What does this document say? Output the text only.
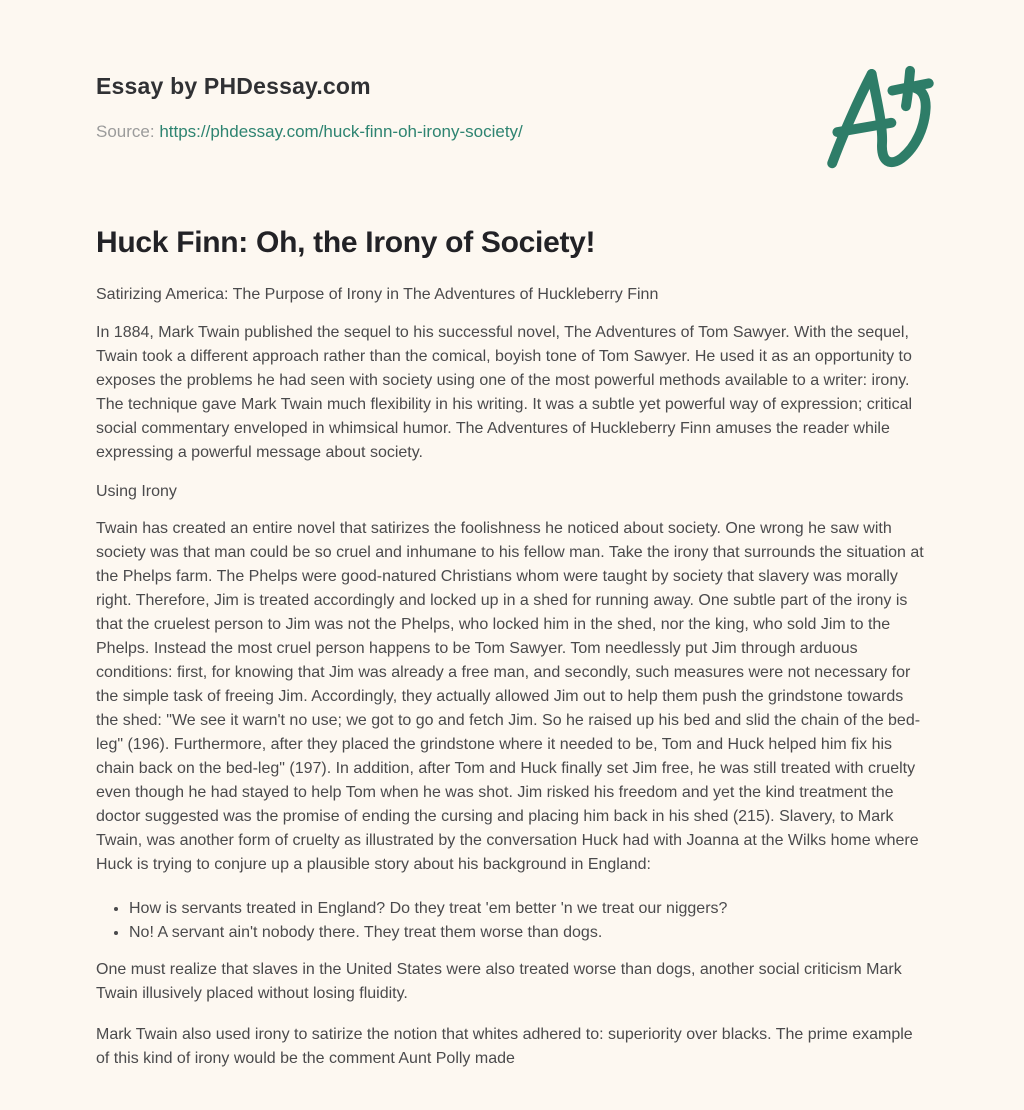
Essay by PHDessay.com
Source: https://phdessay.com/huck-finn-oh-irony-society/
Huck Finn: Oh, the Irony of Society!

Satirizing America: The Purpose of Irony in The Adventures of Huckleberry Finn

In 1884, Mark Twain published the sequel to his successful novel, The Adventures of Tom Sawyer. With the sequel, Twain took a different approach rather than the comical, boyish tone of Tom Sawyer. He used it as an opportunity to exposes the problems he had seen with society using one of the most powerful methods available to a writer: irony. The technique gave Mark Twain much flexibility in his writing. It was a subtle yet powerful way of expression; critical social commentary enveloped in whimsical humor. The Adventures of Huckleberry Finn amuses the reader while expressing a powerful message about society.

Using Irony

Twain has created an entire novel that satirizes the foolishness he noticed about society. One wrong he saw with society was that man could be so cruel and inhumane to his fellow man. Take the irony that surrounds the situation at the Phelps farm. The Phelps were good-natured Christians whom were taught by society that slavery was morally right. Therefore, Jim is treated accordingly and locked up in a shed for running away. One subtle part of the irony is that the cruelest person to Jim was not the Phelps, who locked him in the shed, nor the king, who sold Jim to the Phelps. Instead the most cruel person happens to be Tom Sawyer. Tom needlessly put Jim through arduous conditions: first, for knowing that Jim was already a free man, and secondly, such measures were not necessary for the simple task of freeing Jim. Accordingly, they actually allowed Jim out to help them push the grindstone towards the shed: "We see it warn't no use; we got to go and fetch Jim. So he raised up his bed and slid the chain of the bed-leg" (196). Furthermore, after they placed the grindstone where it needed to be, Tom and Huck helped him fix his chain back on the bed-leg" (197). In addition, after Tom and Huck finally set Jim free, he was still treated with cruelty even though he had stayed to help Tom when he was shot. Jim risked his freedom and yet the kind treatment the doctor suggested was the promise of ending the cursing and placing him back in his shed (215). Slavery, to Mark Twain, was another form of cruelty as illustrated by the conversation Huck had with Joanna at the Wilks home where Huck is trying to conjure up a plausible story about his background in England:

• How is servants treated in England? Do they treat 'em better 'n we treat our niggers?
• No! A servant ain't nobody there. They treat them worse than dogs.

One must realize that slaves in the United States were also treated worse than dogs, another social criticism Mark Twain illusively placed without losing fluidity.

Mark Twain also used irony to satirize the notion that whites adhered to: superiority over blacks. The prime example of this kind of irony would be the comment Aunt Polly made
